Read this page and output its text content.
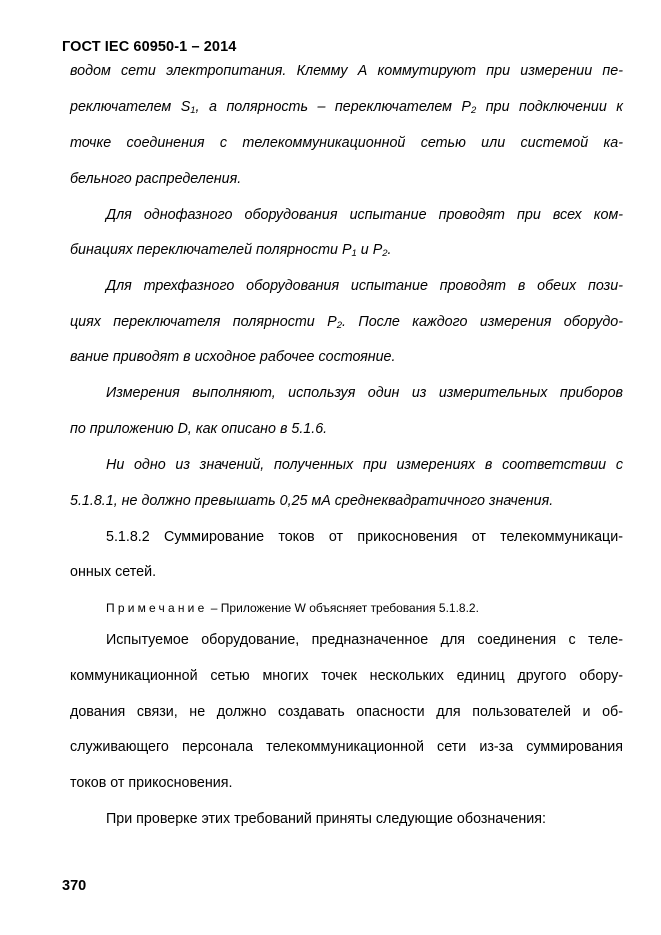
ГОСТ IEC 60950-1 – 2014
водом сети электропитания. Клемму А коммутируют при измерении пе-
реключателем $S_1$, а полярность – переключателем $P_2$ при подключении к
точке соединения с телекоммуникационной сетью или системой ка-
бельного распределения.
Для однофазного оборудования испытание проводят при всех ком-
бинациях переключателей полярности $P_1$ и $P_2$.
Для трехфазного оборудования испытание проводят в обеих пози-
циях переключателя полярности $P_2$. После каждого измерения оборудо-
вание приводят в исходное рабочее состояние.
Измерения выполняют, используя один из измерительных приборов
по приложению D, как описано в 5.1.6.
Ни одно из значений, полученных при измерениях в соответствии с
5.1.8.1, не должно превышать 0,25 мА среднеквадратичного значения.
5.1.8.2 Суммирование токов от прикосновения от телекоммуникаци-
онных сетей.
Примечание – Приложение W объясняет требования 5.1.8.2.
Испытуемое оборудование, предназначенное для соединения с теле-
коммуникационной сетью многих точек нескольких единиц другого обору-
дования связи, не должно создавать опасности для пользователей и об-
служивающего персонала телекоммуникационной сети из-за суммирования
токов от прикосновения.
При проверке этих требований приняты следующие обозначения:
370
